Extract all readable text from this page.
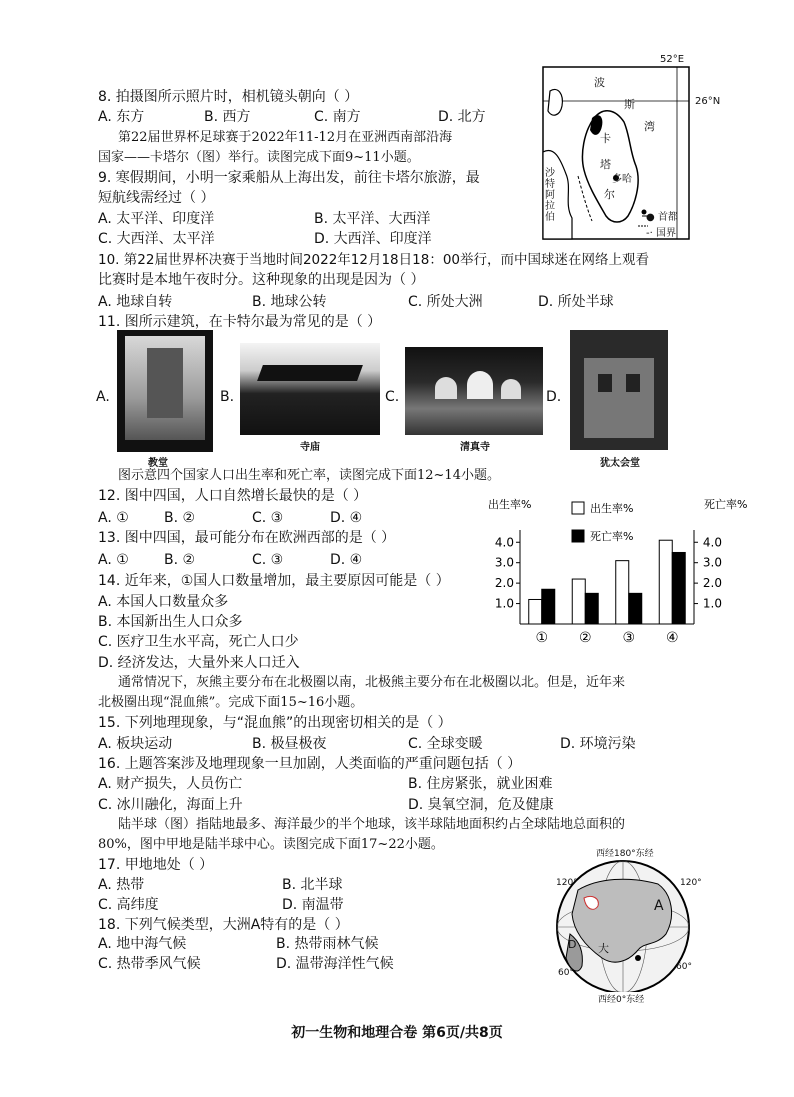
52°E
26°N
波
斯
湾
卡
塔
尔
多哈
沙特阿拉伯	● 首都
-· 国界
8. 拍摄图所示照片时，相机镜头朝向（ ）
A. 东方	B. 西方	C. 南方	D. 北方
第22届世界杯足球赛于2022年11-12月在亚洲西南部沿海
国家——卡塔尔（图）举行。读图完成下面9~11小题。
9. 寒假期间，小明一家乘船从上海出发，前往卡塔尔旅游，最
短航线需经过（ ）
A. 太平洋、印度洋	B. 太平洋、大西洋
C. 大西洋、太平洋	D. 大西洋、印度洋
10. 第22届世界杯决赛于当地时间2022年12月18日18：00举行，而中国球迷在网络上观看
比赛时是本地午夜时分。这种现象的出现是因为（ ）
A. 地球自转	B. 地球公转	C. 所处大洲	D. 所处半球
11. 图所示建筑，在卡特尔最为常见的是（ ）
A.	B.	C.	D.
教堂
寺庙	清真寺
犹太会堂
图示意四个国家人口出生率和死亡率，读图完成下面12~14小题。
12. 图中四国，人口自然增长最快的是（ ）
A. ①	B. ②	C. ③	D. ④
13. 图中四国，最可能分布在欧洲西部的是（ ）
A. ①	B. ②	C. ③	D. ④
14. 近年来，①国人口数量增加，最主要原因可能是（ ）
A. 本国人口数量众多
B. 本国新出生人口众多
C. 医疗卫生水平高，死亡人口少
D. 经济发达，大量外来人口迁入
出生率%	死亡率%
出生率%
死亡率%
1.0
2.0
3.0
4.0
1.0
2.0
3.0
4.0
① ② ③ ④
通常情况下，灰熊主要分布在北极圈以南，北极熊主要分布在北极圈以北。但是，近年来
北极圈出现“混血熊”。完成下面15~16小题。
15. 下列地理现象，与“混血熊”的出现密切相关的是（ ）
A. 板块运动	B. 极昼极夜	C. 全球变暖	D. 环境污染
16. 上题答案涉及地理现象一旦加剧，人类面临的严重问题包括（ ）
A. 财产损失，人员伤亡	B. 住房紧张，就业困难
C. 冰川融化，海面上升	D. 臭氧空洞，危及健康
陆半球（图）指陆地最多、海洋最少的半个地球，该半球陆地面积约占全球陆地总面积的
80%，图中甲地是陆半球中心。读图完成下面17~22小题。
17. 甲地地处（ ）
A. 热带	B. 北半球
C. 高纬度	D. 南温带
18. 下列气候类型，大洲A特有的是（ ）
A. 地中海气候	B. 热带雨林气候
C. 热带季风气候	D. 温带海洋性气候
西经180°东经
西经0°东经
120°	120°
60°
60°
A
D 大
初一生物和地理合卷 第6页/共8页
